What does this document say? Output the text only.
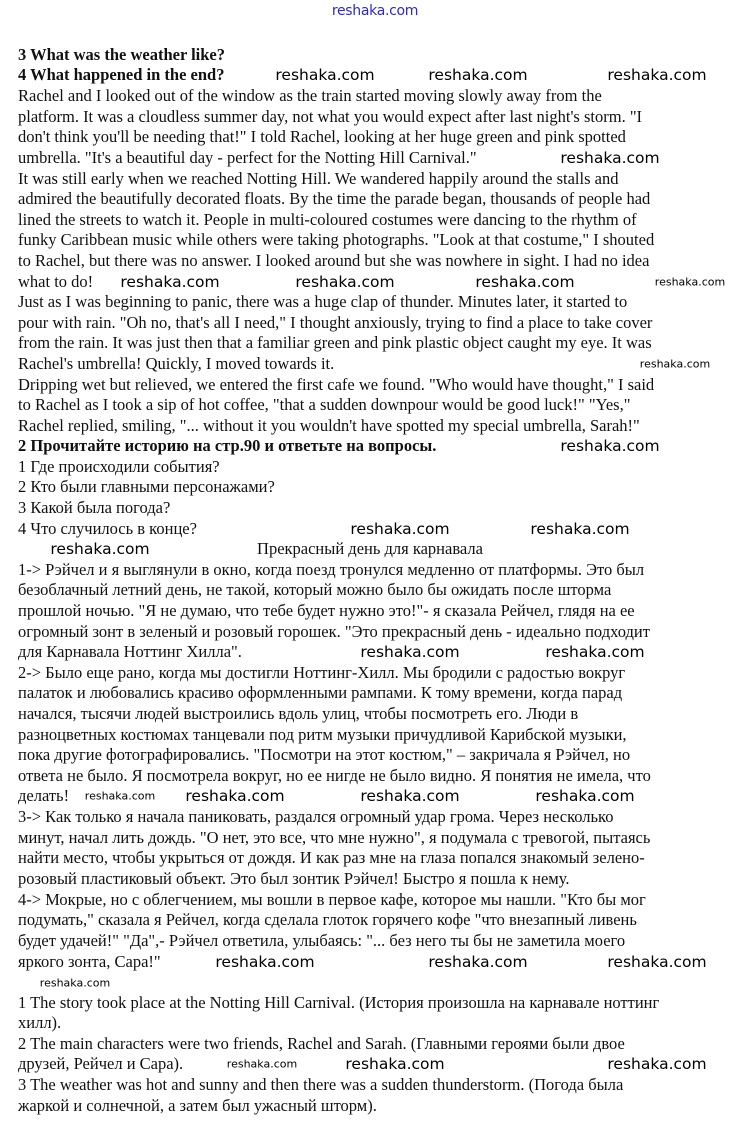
reshaka.com
3 What was the weather like?
4 What happened in the end?
Rachel and I looked out of the window as the train started moving slowly away from the
platform. It was a cloudless summer day, not what you would expect after last night's storm. "I
don't think you'll be needing that!" I told Rachel, looking at her huge green and pink spotted
umbrella. "It's a beautiful day - perfect for the Notting Hill Carnival."
It was still early when we reached Notting Hill. We wandered happily around the stalls and
admired the beautifully decorated floats. By the time the parade began, thousands of people had
lined the streets to watch it. People in multi-coloured costumes were dancing to the rhythm of
funky Caribbean music while others were taking photographs. "Look at that costume," I shouted
to Rachel, but there was no answer. I looked around but she was nowhere in sight. I had no idea
what to do!
Just as I was beginning to panic, there was a huge clap of thunder. Minutes later, it started to
pour with rain. "Oh no, that's all I need," I thought anxiously, trying to find a place to take cover
from the rain. It was just then that a familiar green and pink plastic object caught my eye. It was
Rachel's umbrella! Quickly, I moved towards it.
Dripping wet but relieved, we entered the first cafe we found. "Who would have thought," I said
to Rachel as I took a sip of hot coffee, "that a sudden downpour would be good luck!" "Yes,"
Rachel replied, smiling, "... without it you wouldn't have spotted my special umbrella, Sarah!"
2 Прочитайте историю на стр.90 и ответьте на вопросы.
1 Где происходили события?
2 Кто были главными персонажами?
3 Какой была погода?
4 Что случилось в конце?
Прекрасный день для карнавала
1-> Рэйчел и я выглянули в окно, когда поезд тронулся медленно от платформы. Это был
безоблачный летний день, не такой, который можно было бы ожидать после шторма
прошлой ночью. "Я не думаю, что тебе будет нужно это!"- я сказала Рейчел, глядя на ее
огромный зонт в зеленый и розовый горошек. "Это прекрасный день - идеально подходит
для Карнавала Ноттинг Хилла".
2-> Было еще рано, когда мы достигли Ноттинг-Хилл. Мы бродили с радостью вокруг
палаток и любовались красиво оформленными рампами. К тому времени, когда парад
начался, тысячи людей выстроились вдоль улиц, чтобы посмотреть его. Люди в
разноцветных костюмах танцевали под ритм музыки причудливой Карибской музыки,
пока другие фотографировались. "Посмотри на этот костюм," – закричала я Рэйчел, но
ответа не было. Я посмотрела вокруг, но ее нигде не было видно. Я понятия не имела, что
делать!
3-> Как только я начала паниковать, раздался огромный удар грома. Через несколько
минут, начал лить дождь. "О нет, это все, что мне нужно", я подумала с тревогой, пытаясь
найти место, чтобы укрыться от дождя. И как раз мне на глаза попался знакомый зелено-
розовый пластиковый объект. Это был зонтик Рэйчел! Быстро я пошла к нему.
4-> Мокрые, но с облегчением, мы вошли в первое кафе, которое мы нашли. "Кто бы мог
подумать," сказала я Рейчел, когда сделала глоток горячего кофе "что внезапный ливень
будет удачей!" "Да",- Рэйчел ответила, улыбаясь: "... без него ты бы не заметила моего
яркого зонта, Сара!"
1 The story took place at the Notting Hill Carnival. (История произошла на карнавале ноттинг
хилл).
2 The main characters were two friends, Rachel and Sarah. (Главными героями были двое
друзей, Рейчел и Сара).
3 The weather was hot and sunny and then there was a sudden thunderstorm. (Погода была
жаркой и солнечной, а затем был ужасный шторм).
reshaka.com	reshaka.com	reshaka.com
reshaka.com
reshaka.com
reshaka.com	reshaka.com	reshaka.com
reshaka.com
reshaka.com
reshaka.com	reshaka.com
reshaka.com
reshaka.com
reshaka.com
reshaka.com
reshaka.com	reshaka.com	reshaka.com
reshaka.com	reshaka.com	reshaka.com
reshaka.com
reshaka.com	reshaka.com	reshaka.com
